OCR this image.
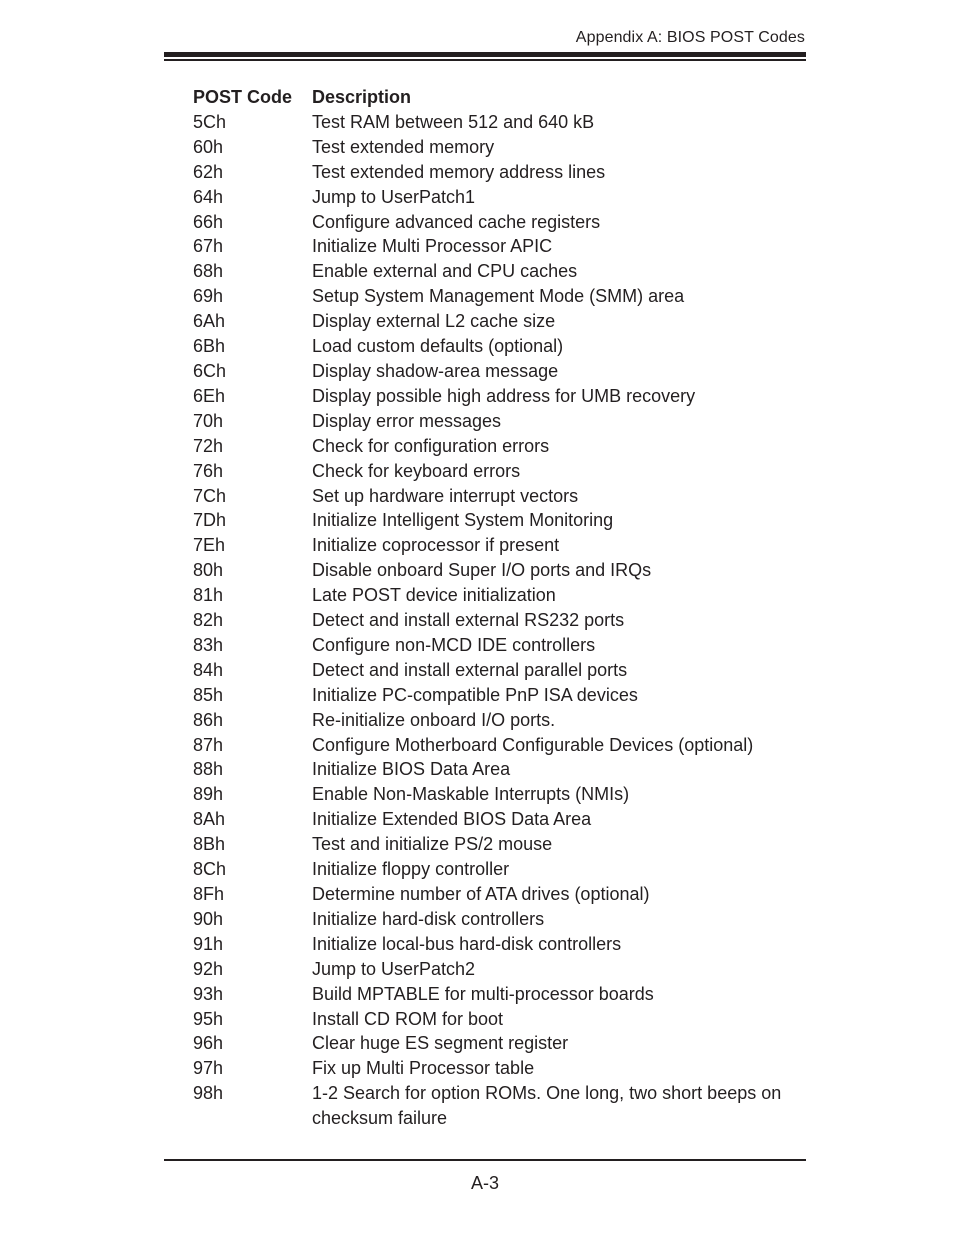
Appendix A: BIOS POST Codes
POST Code	Description
5Ch	Test RAM between 512 and 640 kB
60h	Test extended memory
62h	Test extended memory address lines
64h	Jump to UserPatch1
66h	Configure advanced cache registers
67h	Initialize Multi Processor APIC
68h	Enable external and CPU caches
69h	Setup System Management Mode (SMM) area
6Ah	Display external L2 cache size
6Bh	Load custom defaults (optional)
6Ch	Display shadow-area message
6Eh	Display possible high address for UMB recovery
70h	Display error messages
72h	Check for configuration errors
76h	Check for keyboard errors
7Ch	Set up hardware interrupt vectors
7Dh	Initialize Intelligent System Monitoring
7Eh	Initialize coprocessor if present
80h	Disable onboard Super I/O ports and IRQs
81h	Late POST device initialization
82h	Detect and install external RS232 ports
83h	Configure non-MCD IDE controllers
84h	Detect and install external parallel ports
85h	Initialize PC-compatible PnP ISA devices
86h	Re-initialize onboard I/O ports.
87h	Configure Motherboard Configurable Devices (optional)
88h	Initialize BIOS Data Area
89h	Enable Non-Maskable Interrupts (NMIs)
8Ah	Initialize Extended BIOS Data Area
8Bh	Test and initialize PS/2 mouse
8Ch	Initialize floppy controller
8Fh	Determine number of ATA drives (optional)
90h	Initialize hard-disk controllers
91h	Initialize local-bus hard-disk controllers
92h	Jump to UserPatch2
93h	Build MPTABLE for multi-processor boards
95h	Install CD ROM for boot
96h	Clear huge ES segment register
97h	Fix up Multi Processor table
98h	1-2 Search for option ROMs. One long, two short beeps on checksum failure
A-3
